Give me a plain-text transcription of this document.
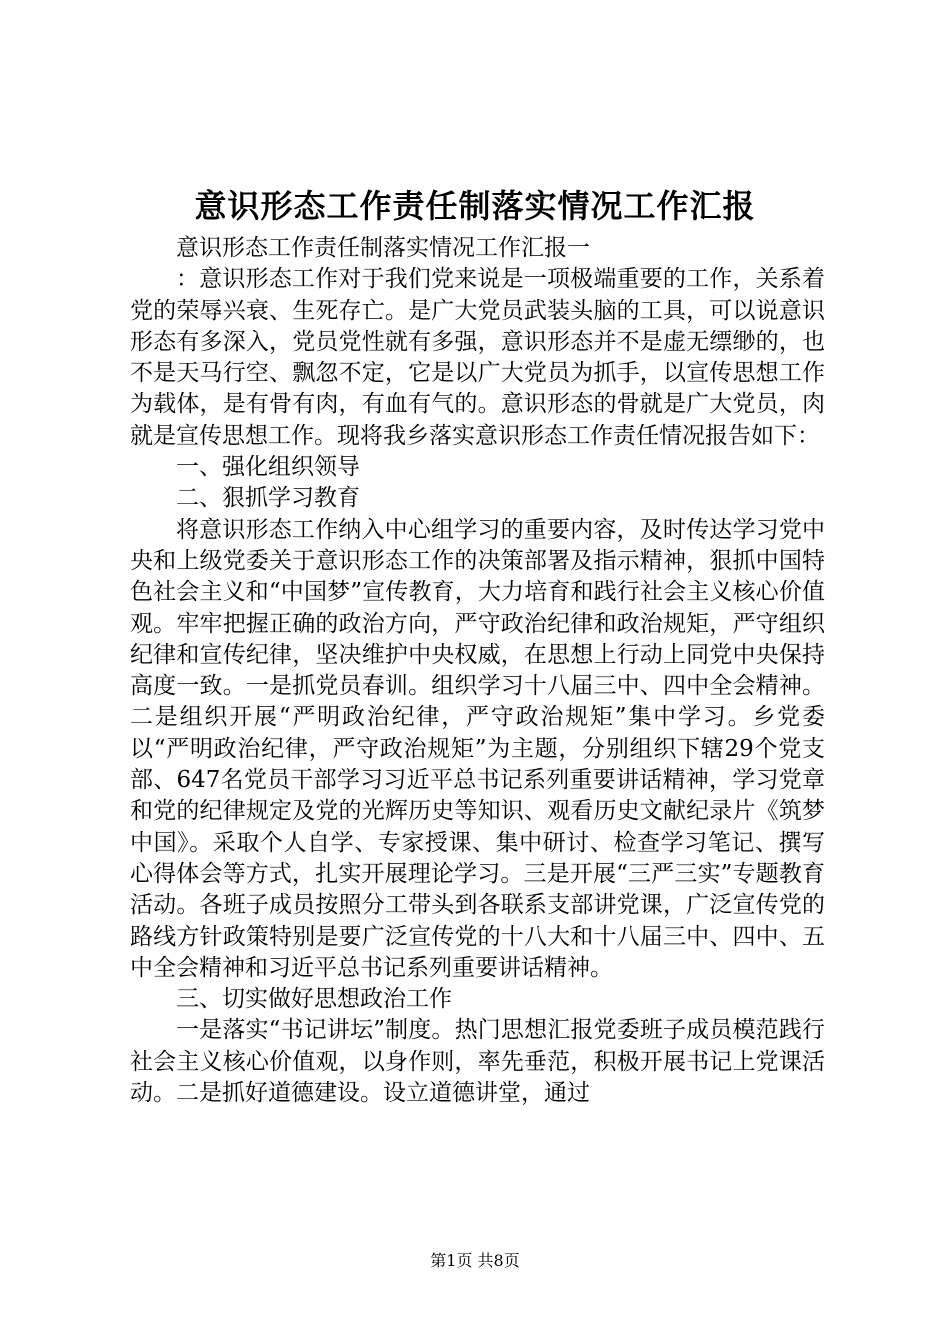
意识形态工作责任制落实情况工作汇报

意识形态工作责任制落实情况工作汇报一

：意识形态工作对于我们党来说是一项极端重要的工作，关系着党的荣辱兴衰、生死存亡。是广大党员武装头脑的工具，可以说意识形态有多深入，党员党性就有多强，意识形态并不是虚无缥缈的，也不是天马行空、飘忽不定，它是以广大党员为抓手，以宣传思想工作为载体，是有骨有肉，有血有气的。意识形态的骨就是广大党员，肉就是宣传思想工作。现将我乡落实意识形态工作责任情况报告如下：

一、强化组织领导

二、狠抓学习教育

将意识形态工作纳入中心组学习的重要内容，及时传达学习党中央和上级党委关于意识形态工作的决策部署及指示精神，狠抓中国特色社会主义和“中国梦”宣传教育，大力培育和践行社会主义核心价值观。牢牢把握正确的政治方向，严守政治纪律和政治规矩，严守组织纪律和宣传纪律，坚决维护中央权威，在思想上行动上同党中央保持高度一致。一是抓党员春训。组织学习十八届三中、四中全会精神。二是组织开展“严明政治纪律，严守政治规矩”集中学习。乡党委以“严明政治纪律，严守政治规矩”为主题，分别组织下辖29个党支部、647名党员干部学习习近平总书记系列重要讲话精神，学习党章和党的纪律规定及党的光辉历史等知识、观看历史文献纪录片《筑梦中国》。采取个人自学、专家授课、集中研讨、检查学习笔记、撰写心得体会等方式，扎实开展理论学习。三是开展“三严三实”专题教育活动。各班子成员按照分工带头到各联系支部讲党课，广泛宣传党的路线方针政策特别是要广泛宣传党的十八大和十八届三中、四中、五中全会精神和习近平总书记系列重要讲话精神。

三、切实做好思想政治工作

一是落实“书记讲坛”制度。热门思想汇报党委班子成员模范践行社会主义核心价值观，以身作则，率先垂范，积极开展书记上党课活动。二是抓好道德建设。设立道德讲堂，通过

第1页 共8页
